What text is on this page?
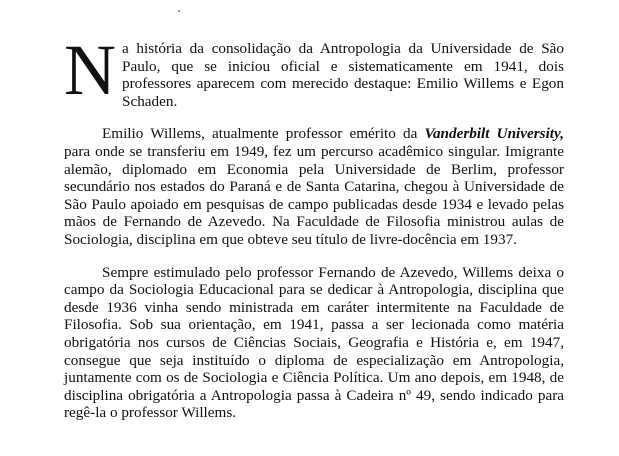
Na história da consolidação da Antropologia da Universidade de São Paulo, que se iniciou oficial e sistematicamente em 1941, dois professores aparecem com merecido destaque: Emilio Willems e Egon Schaden.

Emilio Willems, atualmente professor emérito da Vanderbilt University, para onde se transferiu em 1949, fez um percurso acadêmico singular. Imigrante alemão, diplomado em Economia pela Universidade de Berlim, professor secundário nos estados do Paraná e de Santa Catarina, chegou à Universidade de São Paulo apoiado em pesquisas de campo publicadas desde 1934 e levado pelas mãos de Fernando de Azevedo. Na Faculdade de Filosofia ministrou aulas de Sociologia, disciplina em que obteve seu título de livre-docência em 1937.

Sempre estimulado pelo professor Fernando de Azevedo, Willems deixa o campo da Sociologia Educacional para se dedicar à Antropologia, disciplina que desde 1936 vinha sendo ministrada em caráter intermitente na Faculdade de Filosofia. Sob sua orientação, em 1941, passa a ser lecionada como matéria obrigatória nos cursos de Ciências Sociais, Geografia e História e, em 1947, consegue que seja instituído o diploma de especialização em Antropologia, juntamente com os de Sociologia e Ciência Política. Um ano depois, em 1948, de disciplina obrigatória a Antropologia passa à Cadeira nº 49, sendo indicado para regê-la o professor Willems.
